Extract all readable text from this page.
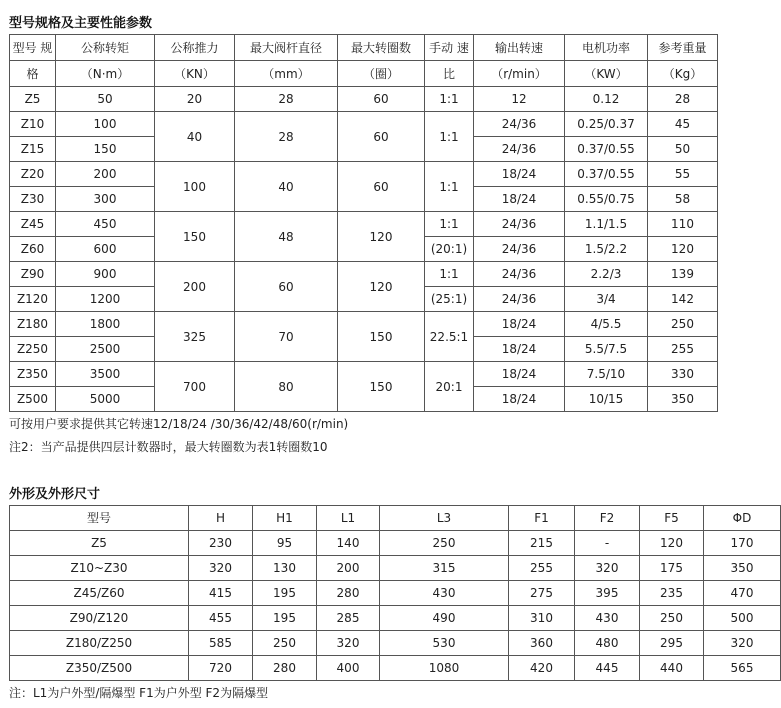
型号规格及主要性能参数
型号 规	公称转矩	公称推力	最大阀杆直径	最大转圈数	手动 速	输出转速	电机功率	参考重量
格	（N·m）	（KN）	（mm）	（圈）	比	（r/min）	（KW）	（Kg）
Z5	50	20	28	60	1:1	12	0.12	28
Z10	100	40	28	60	1:1	24/36	0.25/0.37	45
Z15	150					24/36	0.37/0.55	50
Z20	200	100	40	60	1:1	18/24	0.37/0.55	55
Z30	300					18/24	0.55/0.75	58
Z45	450	150	48	120	1:1	24/36	1.1/1.5	110
Z60	600				(20:1)	24/36	1.5/2.2	120
Z90	900	200	60	120	1:1	24/36	2.2/3	139
Z120	1200				(25:1)	24/36	3/4	142
Z180	1800	325	70	150	22.5:1	18/24	4/5.5	250
Z250	2500					18/24	5.5/7.5	255
Z350	3500	700	80	150	20:1	18/24	7.5/10	330
Z500	5000					18/24	10/15	350
可按用户要求提供其它转速12/18/24 /30/36/42/48/60(r/min)
注2：当产品提供四层计数器时，最大转圈数为表1转圈数10
外形及外形尺寸
型号	H	H1	L1	L3	F1	F2	F5	ΦD
Z5	230	95	140	250	215	-	120	170
Z10~Z30	320	130	200	315	255	320	175	350
Z45/Z60	415	195	280	430	275	395	235	470
Z90/Z120	455	195	285	490	310	430	250	500
Z180/Z250	585	250	320	530	360	480	295	320
Z350/Z500	720	280	400	1080	420	445	440	565
注：L1为户外型/隔爆型 F1为户外型 F2为隔爆型
